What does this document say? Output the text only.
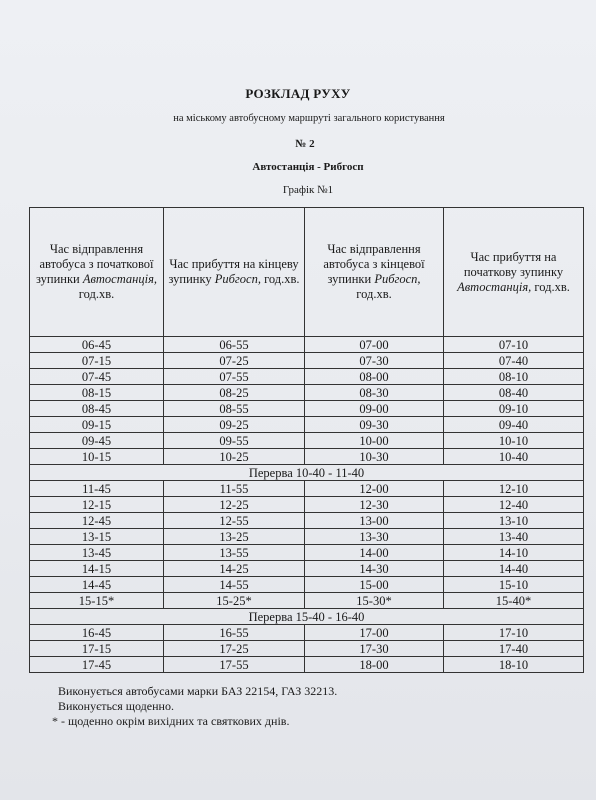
РОЗКЛАД РУХУ
на міському автобусному маршруті загального користування
№ 2
Автостанція - Рибгосп
Графік №1
Час відправлення автобуса з початкової зупинки Автостанція, год.хв.	Час прибуття на кінцеву зупинку Рибгосп, год.хв.	Час відправлення автобуса з кінцевої зупинки Рибгосп, год.хв.	Час прибуття на початкову зупинку Автостанція, год.хв.
06-45	06-55	07-00	07-10
07-15	07-25	07-30	07-40
07-45	07-55	08-00	08-10
08-15	08-25	08-30	08-40
08-45	08-55	09-00	09-10
09-15	09-25	09-30	09-40
09-45	09-55	10-00	10-10
10-15	10-25	10-30	10-40
Перерва 10-40 - 11-40			
11-45	11-55	12-00	12-10
12-15	12-25	12-30	12-40
12-45	12-55	13-00	13-10
13-15	13-25	13-30	13-40
13-45	13-55	14-00	14-10
14-15	14-25	14-30	14-40
14-45	14-55	15-00	15-10
15-15*	15-25*	15-30*	15-40*
Перерва 15-40 - 16-40			
16-45	16-55	17-00	17-10
17-15	17-25	17-30	17-40
17-45	17-55	18-00	18-10
Виконується автобусами марки БАЗ 22154, ГАЗ 32213.
Виконується щоденно.
* - щоденно окрім вихідних та святкових днів.
